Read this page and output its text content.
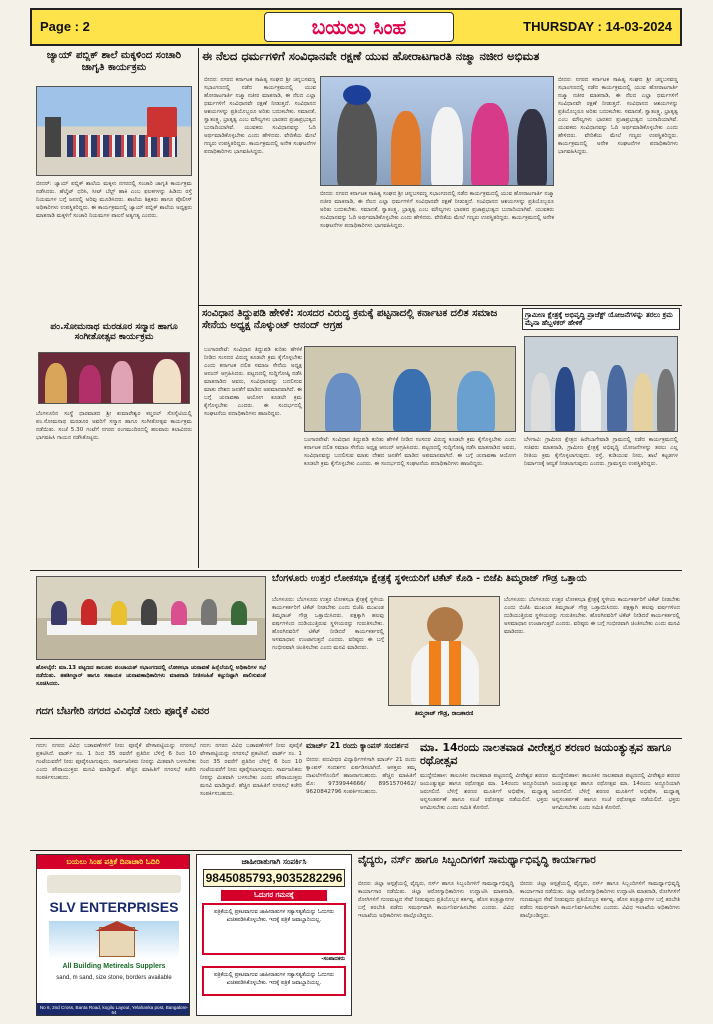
Page : 2	ಬಯಲು ಸಿಂಹ	THURSDAY : 14-03-2024
ಜ್ಯಾಯ್ ಪಬ್ಲಿಕ್ ಶಾಲೆ ಮಕ್ಕಳಿಂದ ಸಂಚಾರಿ ಜಾಗೃತಿ ಕಾರ್ಯಕ್ರಮ
ಬೀದರ್: ಜ್ಯಾಯ್ ಪಬ್ಲಿಕ್ ಶಾಲೆಯ ಮಕ್ಕಳು ನಗರದಲ್ಲಿ ಸಂಚಾರಿ ಜಾಗೃತಿ ಕಾರ್ಯಕ್ರಮ ನಡೆಸಿದರು. ಹೆಲ್ಮೆಟ್ ಧರಿಸಿ, ಸೀಟ್ ಬೆಲ್ಟ್ ಹಾಕಿ ಎಂಬ ಫಲಕಗಳನ್ನು ಹಿಡಿದು ರಸ್ತೆ ನಿಯಮಗಳ ಬಗ್ಗೆ ಜನರಲ್ಲಿ ಅರಿವು ಮೂಡಿಸಿದರು. ಶಾಲೆಯ ಶಿಕ್ಷಕರು ಹಾಗೂ ಪೊಲೀಸ್ ಅಧಿಕಾರಿಗಳು ಉಪಸ್ಥಿತರಿದ್ದರು. ಈ ಕಾರ್ಯಕ್ರಮದಲ್ಲಿ ಜ್ಯಾಯ್ ಪಬ್ಲಿಕ್ ಶಾಲೆಯ ಅಧ್ಯಕ್ಷರು ಮಾತನಾಡಿ ಮಕ್ಕಳಿಗೆ ಸಂಚಾರಿ ನಿಯಮಗಳ ಪಾಲನೆ ಅತ್ಯಗತ್ಯ ಎಂದರು.
ಪಂ.ಸೋಮನಾಥ ಮರಡೂರ ಸನ್ಮಾನ ಹಾಗೂ ಸಂಗೀತೋತ್ಸವ ಕಾರ್ಯಕ್ರಮ
ಬೆಂಗಳೂರಿನ ಸಂಸ್ಥೆ ಧಾರವಾಡದ ಶ್ರೀ ಕುಮಾರೇಶ್ವರ ಕಲ್ಚರಲ್ ಸೊಸೈಟಿಯಲ್ಲಿ ಪಂ.ಸೋಮನಾಥ ಮರಡೂರ ಅವರಿಗೆ ಸನ್ಮಾನ ಹಾಗೂ ಸಂಗೀತೋತ್ಸವ ಕಾರ್ಯಕ್ರಮ ನಡೆಯಿತು. ಸಂಜೆ 5.30 ಗಂಟೆಗೆ ನಗರದ ರಂಗಮಂದಿರದಲ್ಲಿ ಹಲವಾರು ಕಲಾವಿದರು ಭಾಗವಹಿಸಿ ಗಾಯನ ನಡೆಸಿಕೊಟ್ಟರು.
ಈ ನೆಲದ ಧರ್ಮಗಳಿಗೆ ಸಂವಿಧಾನವೇ ರಕ್ಷಣೆ ಯುವ ಹೋರಾಟಗಾರತಿ ನಜ್ಮಾ ನಜೀರ ಅಭಿಮತ
ಬೀದರ: ನಗರದ ಕರ್ನಾಟಕ ಸಾಹಿತ್ಯ ಸಂಘದ ಶ್ರೀ ಚನ್ನಬಸವಣ್ಣ ಸಭಾಂಗಣದಲ್ಲಿ ನಡೆದ ಕಾರ್ಯಕ್ರಮದಲ್ಲಿ ಯುವ ಹೋರಾಟಗಾರ್ತಿ ನಜ್ಮಾ ನಜೀರ ಮಾತನಾಡಿ, ಈ ನೆಲದ ಎಲ್ಲಾ ಧರ್ಮಗಳಿಗೆ ಸಂವಿಧಾನವೇ ರಕ್ಷಣೆ ನೀಡುತ್ತದೆ. ಸಂವಿಧಾನದ ಆಶಯಗಳನ್ನು ಪ್ರತಿಯೊಬ್ಬರೂ ಅರಿತು ಬದುಕಬೇಕು. ಸಮಾನತೆ, ಸ್ವಾತಂತ್ರ್ಯ, ಭ್ರಾತೃತ್ವ ಎಂಬ ಮೌಲ್ಯಗಳು ಭಾರತದ ಪ್ರಜಾಪ್ರಭುತ್ವದ ಬುನಾದಿಯಾಗಿವೆ. ಯುವಕರು ಸಂವಿಧಾನವನ್ನು ಓದಿ ಅರ್ಥಮಾಡಿಕೊಳ್ಳಬೇಕು ಎಂದು ಹೇಳಿದರು. ವೇದಿಕೆಯ ಮೇಲೆ ಗಣ್ಯರು ಉಪಸ್ಥಿತರಿದ್ದರು. ಕಾರ್ಯಕ್ರಮದಲ್ಲಿ ಅನೇಕ ಸಂಘಟನೆಗಳ ಪದಾಧಿಕಾರಿಗಳು ಭಾಗವಹಿಸಿದ್ದರು.
ಬೀದರ: ನಗರದ ಕರ್ನಾಟಕ ಸಾಹಿತ್ಯ ಸಂಘದ ಶ್ರೀ ಚನ್ನಬಸವಣ್ಣ ಸಭಾಂಗಣದಲ್ಲಿ ನಡೆದ ಕಾರ್ಯಕ್ರಮದಲ್ಲಿ ಯುವ ಹೋರಾಟಗಾರ್ತಿ ನಜ್ಮಾ ನಜೀರ ಮಾತನಾಡಿ, ಈ ನೆಲದ ಎಲ್ಲಾ ಧರ್ಮಗಳಿಗೆ ಸಂವಿಧಾನವೇ ರಕ್ಷಣೆ ನೀಡುತ್ತದೆ. ಸಂವಿಧಾನದ ಆಶಯಗಳನ್ನು ಪ್ರತಿಯೊಬ್ಬರೂ ಅರಿತು ಬದುಕಬೇಕು. ಸಮಾನತೆ, ಸ್ವಾತಂತ್ರ್ಯ, ಭ್ರಾತೃತ್ವ ಎಂಬ ಮೌಲ್ಯಗಳು ಭಾರತದ ಪ್ರಜಾಪ್ರಭುತ್ವದ ಬುನಾದಿಯಾಗಿವೆ. ಯುವಕರು ಸಂವಿಧಾನವನ್ನು ಓದಿ ಅರ್ಥಮಾಡಿಕೊಳ್ಳಬೇಕು ಎಂದು ಹೇಳಿದರು. ವೇದಿಕೆಯ ಮೇಲೆ ಗಣ್ಯರು ಉಪಸ್ಥಿತರಿದ್ದರು. ಕಾರ್ಯಕ್ರಮದಲ್ಲಿ ಅನೇಕ ಸಂಘಟನೆಗಳ ಪದಾಧಿಕಾರಿಗಳು ಭಾಗವಹಿಸಿದ್ದರು.
ಬೀದರ: ನಗರದ ಕರ್ನಾಟಕ ಸಾಹಿತ್ಯ ಸಂಘದ ಶ್ರೀ ಚನ್ನಬಸವಣ್ಣ ಸಭಾಂಗಣದಲ್ಲಿ ನಡೆದ ಕಾರ್ಯಕ್ರಮದಲ್ಲಿ ಯುವ ಹೋರಾಟಗಾರ್ತಿ ನಜ್ಮಾ ನಜೀರ ಮಾತನಾಡಿ, ಈ ನೆಲದ ಎಲ್ಲಾ ಧರ್ಮಗಳಿಗೆ ಸಂವಿಧಾನವೇ ರಕ್ಷಣೆ ನೀಡುತ್ತದೆ. ಸಂವಿಧಾನದ ಆಶಯಗಳನ್ನು ಪ್ರತಿಯೊಬ್ಬರೂ ಅರಿತು ಬದುಕಬೇಕು. ಸಮಾನತೆ, ಸ್ವಾತಂತ್ರ್ಯ, ಭ್ರಾತೃತ್ವ ಎಂಬ ಮೌಲ್ಯಗಳು ಭಾರತದ ಪ್ರಜಾಪ್ರಭುತ್ವದ ಬುನಾದಿಯಾಗಿವೆ. ಯುವಕರು ಸಂವಿಧಾನವನ್ನು ಓದಿ ಅರ್ಥಮಾಡಿಕೊಳ್ಳಬೇಕು ಎಂದು ಹೇಳಿದರು. ವೇದಿಕೆಯ ಮೇಲೆ ಗಣ್ಯರು ಉಪಸ್ಥಿತರಿದ್ದರು. ಕಾರ್ಯಕ್ರಮದಲ್ಲಿ ಅನೇಕ ಸಂಘಟನೆಗಳ ಪದಾಧಿಕಾರಿಗಳು ಭಾಗವಹಿಸಿದ್ದರು.
ಸಂವಿಧಾನ ತಿದ್ದುಪಡಿ ಹೇಳಿಕೆ: ಸಂಸದರ ವಿರುದ್ಧ ಕ್ರಮಕ್ಕೆ ಪಟ್ಟನಾದಲ್ಲಿ ಕರ್ನಾಟಕ ದಲಿತ ಸಮಾಜ ಸೇನೆಯ ಅಧ್ಯಕ್ಷ ನೊಳ್ಕುಂಟ್ ಆನಂದ್ ಆಗ್ರಹ
ಬಂಗಾರಪೇಟೆ: ಸಂವಿಧಾನ ತಿದ್ದುಪಡಿ ಕುರಿತು ಹೇಳಿಕೆ ನೀಡಿದ ಸಂಸದರ ವಿರುದ್ಧ ಕೂಡಲೇ ಕ್ರಮ ಕೈಗೊಳ್ಳಬೇಕು ಎಂದು ಕರ್ನಾಟಕ ದಲಿತ ಸಮಾಜ ಸೇನೆಯ ಅಧ್ಯಕ್ಷ ಆನಂದ್ ಆಗ್ರಹಿಸಿದರು. ಪಟ್ಟಣದಲ್ಲಿ ಸುದ್ದಿಗೋಷ್ಠಿ ನಡೆಸಿ ಮಾತನಾಡಿದ ಅವರು, ಸಂವಿಧಾನವನ್ನು ಬದಲಿಸುವ ಮಾತು ದೇಶದ ಜನತೆಗೆ ಮಾಡಿದ ಅಪಮಾನವಾಗಿದೆ. ಈ ಬಗ್ಗೆ ಚುನಾವಣಾ ಆಯೋಗ ಕೂಡಲೇ ಕ್ರಮ ಕೈಗೊಳ್ಳಬೇಕು ಎಂದರು. ಈ ಸಂದರ್ಭದಲ್ಲಿ ಸಂಘಟನೆಯ ಪದಾಧಿಕಾರಿಗಳು ಹಾಜರಿದ್ದರು.
ಬಂಗಾರಪೇಟೆ: ಸಂವಿಧಾನ ತಿದ್ದುಪಡಿ ಕುರಿತು ಹೇಳಿಕೆ ನೀಡಿದ ಸಂಸದರ ವಿರುದ್ಧ ಕೂಡಲೇ ಕ್ರಮ ಕೈಗೊಳ್ಳಬೇಕು ಎಂದು ಕರ್ನಾಟಕ ದಲಿತ ಸಮಾಜ ಸೇನೆಯ ಅಧ್ಯಕ್ಷ ಆನಂದ್ ಆಗ್ರಹಿಸಿದರು. ಪಟ್ಟಣದಲ್ಲಿ ಸುದ್ದಿಗೋಷ್ಠಿ ನಡೆಸಿ ಮಾತನಾಡಿದ ಅವರು, ಸಂವಿಧಾನವನ್ನು ಬದಲಿಸುವ ಮಾತು ದೇಶದ ಜನತೆಗೆ ಮಾಡಿದ ಅಪಮಾನವಾಗಿದೆ. ಈ ಬಗ್ಗೆ ಚುನಾವಣಾ ಆಯೋಗ ಕೂಡಲೇ ಕ್ರಮ ಕೈಗೊಳ್ಳಬೇಕು ಎಂದರು. ಈ ಸಂದರ್ಭದಲ್ಲಿ ಸಂಘಟನೆಯ ಪದಾಧಿಕಾರಿಗಳು ಹಾಜರಿದ್ದರು.
ಗ್ರಾಮೀಣ ಕ್ಷೇತ್ರಕ್ಕೆ ಅಭಿವೃದ್ಧಿ ಪ್ರಾಜೆಕ್ಟ್ ಯೋಜನೆಗಳನ್ನು ತರಲು ಕ್ರಮ ಮೈನಾ ಹೆಬ್ಬಳಕರ್ ಹೇಳಿಕೆ
ಬೆಳಗಾವಿ: ಗ್ರಾಮೀಣ ಕ್ಷೇತ್ರದ ಹಿರೇಬಾಗೇವಾಡಿ ಗ್ರಾಮದಲ್ಲಿ ನಡೆದ ಕಾರ್ಯಕ್ರಮದಲ್ಲಿ ಸಚಿವರು ಮಾತನಾಡಿ, ಗ್ರಾಮೀಣ ಕ್ಷೇತ್ರಕ್ಕೆ ಅಭಿವೃದ್ಧಿ ಯೋಜನೆಗಳನ್ನು ತರಲು ಎಲ್ಲ ರೀತಿಯ ಕ್ರಮ ಕೈಗೊಳ್ಳಲಾಗುವುದು. ರಸ್ತೆ, ಕುಡಿಯುವ ನೀರು, ಶಾಲೆ ಕಟ್ಟಡಗಳ ನಿರ್ಮಾಣಕ್ಕೆ ಆದ್ಯತೆ ನೀಡಲಾಗುವುದು ಎಂದರು. ಗ್ರಾಮಸ್ಥರು ಉಪಸ್ಥಿತರಿದ್ದರು.
ಹೊಳಲ್ಕೆರೆ: ಮಾ.13 ಪಟ್ಟಣದ ತಾಲೂಕು ಪಂಚಾಯತ್ ಸಭಾಂಗಣದಲ್ಲಿ ಲೋಕಸಭಾ ಚುನಾವಣೆ ಹಿನ್ನೆಲೆಯಲ್ಲಿ ಅಧಿಕಾರಿಗಳ ಸಭೆ ನಡೆಯಿತು. ತಹಶೀಲ್ದಾರ್ ಹಾಗೂ ಸಹಾಯಕ ಚುನಾವಣಾಧಿಕಾರಿಗಳು ಮಾತನಾಡಿ ನೀತಿಸಂಹಿತೆ ಕಟ್ಟುನಿಟ್ಟಾಗಿ ಪಾಲಿಸುವಂತೆ ಸೂಚಿಸಿದರು.
ಬೆಂಗಳೂರು ಉತ್ತರ ಲೋಕಸಭಾ ಕ್ಷೇತ್ರಕ್ಕೆ ಸ್ಥಳೀಯರಿಗೆ ಟಿಕೆಟ್ ಕೊಡಿ - ಬಿಜೆಪಿ ತಿಮ್ಮರಾಜ್ ಗೌಡ್ರ ಒತ್ತಾಯ
ಬೆಂಗಳೂರು: ಬೆಂಗಳೂರು ಉತ್ತರ ಲೋಕಸಭಾ ಕ್ಷೇತ್ರಕ್ಕೆ ಸ್ಥಳೀಯ ಕಾರ್ಯಕರ್ತರಿಗೆ ಟಿಕೆಟ್ ನೀಡಬೇಕು ಎಂದು ಬಿಜೆಪಿ ಮುಖಂಡ ತಿಮ್ಮರಾಜ್ ಗೌಡ್ರ ಒತ್ತಾಯಿಸಿದರು. ಪಕ್ಷಕ್ಕಾಗಿ ಹಲವು ವರ್ಷಗಳಿಂದ ದುಡಿಯುತ್ತಿರುವ ಸ್ಥಳೀಯರನ್ನು ಗುರುತಿಸಬೇಕು. ಹೊರಗಿನವರಿಗೆ ಟಿಕೆಟ್ ನೀಡಿದರೆ ಕಾರ್ಯಕರ್ತರಲ್ಲಿ ಅಸಮಾಧಾನ ಉಂಟಾಗುತ್ತದೆ ಎಂದರು. ವರಿಷ್ಠರು ಈ ಬಗ್ಗೆ ಗಂಭೀರವಾಗಿ ಚಿಂತಿಸಬೇಕು ಎಂದು ಮನವಿ ಮಾಡಿದರು.
ತಿಮ್ಮರಾಜ್ ಗೌಡ್ರ, ರಾಜಕಾರಣಿ
ಬೆಂಗಳೂರು: ಬೆಂಗಳೂರು ಉತ್ತರ ಲೋಕಸಭಾ ಕ್ಷೇತ್ರಕ್ಕೆ ಸ್ಥಳೀಯ ಕಾರ್ಯಕರ್ತರಿಗೆ ಟಿಕೆಟ್ ನೀಡಬೇಕು ಎಂದು ಬಿಜೆಪಿ ಮುಖಂಡ ತಿಮ್ಮರಾಜ್ ಗೌಡ್ರ ಒತ್ತಾಯಿಸಿದರು. ಪಕ್ಷಕ್ಕಾಗಿ ಹಲವು ವರ್ಷಗಳಿಂದ ದುಡಿಯುತ್ತಿರುವ ಸ್ಥಳೀಯರನ್ನು ಗುರುತಿಸಬೇಕು. ಹೊರಗಿನವರಿಗೆ ಟಿಕೆಟ್ ನೀಡಿದರೆ ಕಾರ್ಯಕರ್ತರಲ್ಲಿ ಅಸಮಾಧಾನ ಉಂಟಾಗುತ್ತದೆ ಎಂದರು. ವರಿಷ್ಠರು ಈ ಬಗ್ಗೆ ಗಂಭೀರವಾಗಿ ಚಿಂತಿಸಬೇಕು ಎಂದು ಮನವಿ ಮಾಡಿದರು.
ಗದಗ ಬೆಟಗೇರಿ ನಗರದ ವಿವಿಧೆಡೆ ನೀರು ಪೂರೈಕೆ ವಿವರ
ಗದಗ: ನಗರದ ವಿವಿಧ ಬಡಾವಣೆಗಳಿಗೆ ನೀರು ಪೂರೈಕೆ ವೇಳಾಪಟ್ಟಿಯನ್ನು ನಗರಸಭೆ ಪ್ರಕಟಿಸಿದೆ. ವಾರ್ಡ್ ನಂ. 1 ರಿಂದ 35 ರವರೆಗೆ ಪ್ರತಿದಿನ ಬೆಳಿಗ್ಗೆ 6 ರಿಂದ 10 ಗಂಟೆಯವರೆಗೆ ನೀರು ಪೂರೈಸಲಾಗುವುದು. ಸಾರ್ವಜನಿಕರು ನೀರನ್ನು ಮಿತವಾಗಿ ಬಳಸಬೇಕು ಎಂದು ಪೌರಾಯುಕ್ತರು ಮನವಿ ಮಾಡಿದ್ದಾರೆ. ಹೆಚ್ಚಿನ ಮಾಹಿತಿಗೆ ನಗರಸಭೆ ಕಚೇರಿ ಸಂಪರ್ಕಿಸಬಹುದು.
ಗದಗ: ನಗರದ ವಿವಿಧ ಬಡಾವಣೆಗಳಿಗೆ ನೀರು ಪೂರೈಕೆ ವೇಳಾಪಟ್ಟಿಯನ್ನು ನಗರಸಭೆ ಪ್ರಕಟಿಸಿದೆ. ವಾರ್ಡ್ ನಂ. 1 ರಿಂದ 35 ರವರೆಗೆ ಪ್ರತಿದಿನ ಬೆಳಿಗ್ಗೆ 6 ರಿಂದ 10 ಗಂಟೆಯವರೆಗೆ ನೀರು ಪೂರೈಸಲಾಗುವುದು. ಸಾರ್ವಜನಿಕರು ನೀರನ್ನು ಮಿತವಾಗಿ ಬಳಸಬೇಕು ಎಂದು ಪೌರಾಯುಕ್ತರು ಮನವಿ ಮಾಡಿದ್ದಾರೆ. ಹೆಚ್ಚಿನ ಮಾಹಿತಿಗೆ ನಗರಸಭೆ ಕಚೇರಿ ಸಂಪರ್ಕಿಸಬಹುದು.
ಮಾರ್ಚ್ 21 ರಂದು ಕ್ಯಾಂಪಸ್ ಸಂದರ್ಶನ
ಬೀದರ: ಪದವೀಧರ ವಿದ್ಯಾರ್ಥಿಗಳಿಗಾಗಿ ಮಾರ್ಚ್ 21 ರಂದು ಕ್ಯಾಂಪಸ್ ಸಂದರ್ಶನ ಏರ್ಪಡಿಸಲಾಗಿದೆ. ಆಸಕ್ತರು ತಮ್ಮ ದಾಖಲೆಗಳೊಂದಿಗೆ ಹಾಜರಾಗಬಹುದು. ಹೆಚ್ಚಿನ ಮಾಹಿತಿಗೆ ಮೊ: 9739944666/ 8951570462/ 9620842796 ಸಂಪರ್ಕಿಸಬಹುದು.
ಮಾ. 14ರಂದು ನಾಲತವಾಡ ವೀರೇಶ್ವರ ಶರಣರ ಜಯಂತ್ಯುತ್ಸವ ಹಾಗೂ ರಥೋತ್ಸವ
ಮುದ್ದೇಬಿಹಾಳ: ತಾಲೂಕಿನ ನಾಲತವಾಡ ಪಟ್ಟಣದಲ್ಲಿ ವೀರೇಶ್ವರ ಶರಣರ ಜಯಂತ್ಯುತ್ಸವ ಹಾಗೂ ರಥೋತ್ಸವ ಮಾ. 14ರಂದು ಅದ್ಧೂರಿಯಾಗಿ ಜರುಗಲಿದೆ. ಬೆಳಿಗ್ಗೆ ಶರಣರ ಮೂರ್ತಿಗೆ ಅಭಿಷೇಕ, ಮಧ್ಯಾಹ್ನ ಅನ್ನಸಂತರ್ಪಣೆ ಹಾಗೂ ಸಂಜೆ ರಥೋತ್ಸವ ನಡೆಯಲಿದೆ. ಭಕ್ತರು ಆಗಮಿಸಬೇಕು ಎಂದು ಸಮಿತಿ ಕೋರಿದೆ.
ಮುದ್ದೇಬಿಹಾಳ: ತಾಲೂಕಿನ ನಾಲತವಾಡ ಪಟ್ಟಣದಲ್ಲಿ ವೀರೇಶ್ವರ ಶರಣರ ಜಯಂತ್ಯುತ್ಸವ ಹಾಗೂ ರಥೋತ್ಸವ ಮಾ. 14ರಂದು ಅದ್ಧೂರಿಯಾಗಿ ಜರುಗಲಿದೆ. ಬೆಳಿಗ್ಗೆ ಶರಣರ ಮೂರ್ತಿಗೆ ಅಭಿಷೇಕ, ಮಧ್ಯಾಹ್ನ ಅನ್ನಸಂತರ್ಪಣೆ ಹಾಗೂ ಸಂಜೆ ರಥೋತ್ಸವ ನಡೆಯಲಿದೆ. ಭಕ್ತರು ಆಗಮಿಸಬೇಕು ಎಂದು ಸಮಿತಿ ಕೋರಿದೆ.
ಬಯಲು ಸಿಂಹ ಪತ್ರಿಕೆ ದಿನಾಚಾರಿ ಓದಿರಿ
SLV ENTERPRISES
All Building Metireals Supplers
sand, m sand, size stone, borders available
No 6, 2nd Cross, Banta Road, kogilu Layout, Yelahanka post, Bangalore-64
ಜಾಹೀರಾತುಗಾಗಿ ಸಂಪರ್ಕಿಸಿ
9845085793,9035282296
ಓದುಗರ ಗಮನಕ್ಕೆ
ಪತ್ರಿಕೆಯಲ್ಲಿ ಪ್ರಕಟವಾಗುವ ಜಾಹೀರಾತುಗಳ ಸತ್ಯಾಸತ್ಯತೆಯನ್ನು ಓದುಗರು ಖಚಿತಪಡಿಸಿಕೊಳ್ಳಬೇಕು. ಇದಕ್ಕೆ ಪತ್ರಿಕೆ ಜವಾಬ್ದಾರಿಯಲ್ಲ.
-ಸಂಪಾದಕರು
ಪತ್ರಿಕೆಯಲ್ಲಿ ಪ್ರಕಟವಾಗುವ ಜಾಹೀರಾತುಗಳ ಸತ್ಯಾಸತ್ಯತೆಯನ್ನು ಓದುಗರು ಖಚಿತಪಡಿಸಿಕೊಳ್ಳಬೇಕು. ಇದಕ್ಕೆ ಪತ್ರಿಕೆ ಜವಾಬ್ದಾರಿಯಲ್ಲ.
ವೈದ್ಯರು, ನರ್ಸ್ ಹಾಗೂ ಸಿಬ್ಬಂದಿಗಳಿಗೆ ಸಾಮರ್ಥ್ಯಾಭಿವೃದ್ಧಿ ಕಾರ್ಯಾಗಾರ
ಬೀದರ: ಜಿಲ್ಲಾ ಆಸ್ಪತ್ರೆಯಲ್ಲಿ ವೈದ್ಯರು, ನರ್ಸ್ ಹಾಗೂ ಸಿಬ್ಬಂದಿಗಳಿಗೆ ಸಾಮರ್ಥ್ಯಾಭಿವೃದ್ಧಿ ಕಾರ್ಯಾಗಾರ ನಡೆಯಿತು. ಜಿಲ್ಲಾ ಆರೋಗ್ಯಾಧಿಕಾರಿಗಳು ಉದ್ಘಾಟಿಸಿ ಮಾತನಾಡಿ, ರೋಗಿಗಳಿಗೆ ಗುಣಮಟ್ಟದ ಸೇವೆ ನೀಡುವುದು ಪ್ರತಿಯೊಬ್ಬರ ಕರ್ತವ್ಯ. ಹೊಸ ತಂತ್ರಜ್ಞಾನಗಳ ಬಗ್ಗೆ ತರಬೇತಿ ಪಡೆದು ಸಮರ್ಥವಾಗಿ ಕಾರ್ಯನಿರ್ವಹಿಸಬೇಕು ಎಂದರು. ವಿವಿಧ ಇಲಾಖೆಯ ಅಧಿಕಾರಿಗಳು ಪಾಲ್ಗೊಂಡಿದ್ದರು.
ಬೀದರ: ಜಿಲ್ಲಾ ಆಸ್ಪತ್ರೆಯಲ್ಲಿ ವೈದ್ಯರು, ನರ್ಸ್ ಹಾಗೂ ಸಿಬ್ಬಂದಿಗಳಿಗೆ ಸಾಮರ್ಥ್ಯಾಭಿವೃದ್ಧಿ ಕಾರ್ಯಾಗಾರ ನಡೆಯಿತು. ಜಿಲ್ಲಾ ಆರೋಗ್ಯಾಧಿಕಾರಿಗಳು ಉದ್ಘಾಟಿಸಿ ಮಾತನಾಡಿ, ರೋಗಿಗಳಿಗೆ ಗುಣಮಟ್ಟದ ಸೇವೆ ನೀಡುವುದು ಪ್ರತಿಯೊಬ್ಬರ ಕರ್ತವ್ಯ. ಹೊಸ ತಂತ್ರಜ್ಞಾನಗಳ ಬಗ್ಗೆ ತರಬೇತಿ ಪಡೆದು ಸಮರ್ಥವಾಗಿ ಕಾರ್ಯನಿರ್ವಹಿಸಬೇಕು ಎಂದರು. ವಿವಿಧ ಇಲಾಖೆಯ ಅಧಿಕಾರಿಗಳು ಪಾಲ್ಗೊಂಡಿದ್ದರು.
